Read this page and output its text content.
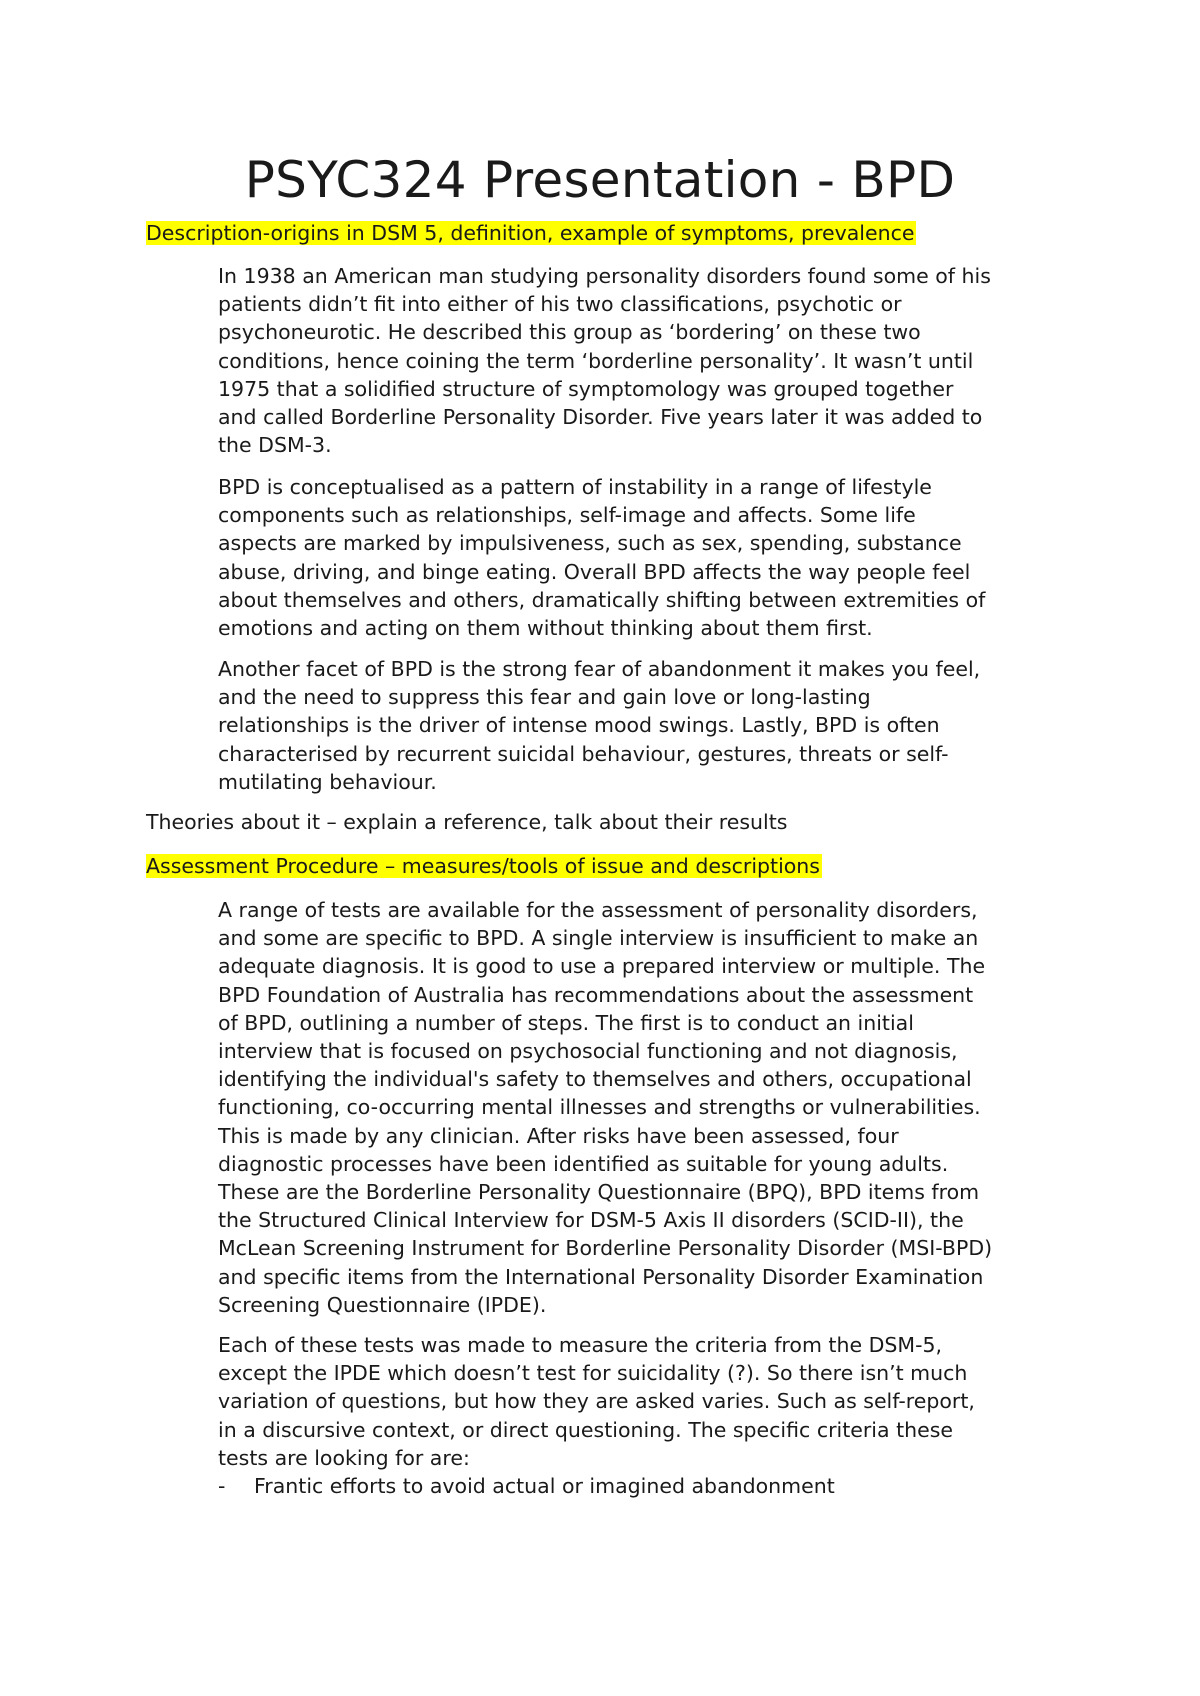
PSYC324 Presentation - BPD

Description-origins in DSM 5, definition, example of symptoms, prevalence

In 1938 an American man studying personality disorders found some of his
patients didn’t fit into either of his two classifications, psychotic or
psychoneurotic. He described this group as ‘bordering’ on these two
conditions, hence coining the term ‘borderline personality’. It wasn’t until
1975 that a solidified structure of symptomology was grouped together
and called Borderline Personality Disorder. Five years later it was added to
the DSM-3.

BPD is conceptualised as a pattern of instability in a range of lifestyle
components such as relationships, self-image and affects. Some life
aspects are marked by impulsiveness, such as sex, spending, substance
abuse, driving, and binge eating. Overall BPD affects the way people feel
about themselves and others, dramatically shifting between extremities of
emotions and acting on them without thinking about them first.

Another facet of BPD is the strong fear of abandonment it makes you feel,
and the need to suppress this fear and gain love or long-lasting
relationships is the driver of intense mood swings. Lastly, BPD is often
characterised by recurrent suicidal behaviour, gestures, threats or self-
mutilating behaviour.

Theories about it – explain a reference, talk about their results

Assessment Procedure – measures/tools of issue and descriptions

A range of tests are available for the assessment of personality disorders,
and some are specific to BPD. A single interview is insufficient to make an
adequate diagnosis. It is good to use a prepared interview or multiple. The
BPD Foundation of Australia has recommendations about the assessment
of BPD, outlining a number of steps. The first is to conduct an initial
interview that is focused on psychosocial functioning and not diagnosis,
identifying the individual's safety to themselves and others, occupational
functioning, co-occurring mental illnesses and strengths or vulnerabilities.
This is made by any clinician. After risks have been assessed, four
diagnostic processes have been identified as suitable for young adults.
These are the Borderline Personality Questionnaire (BPQ), BPD items from
the Structured Clinical Interview for DSM-5 Axis II disorders (SCID-II), the
McLean Screening Instrument for Borderline Personality Disorder (MSI-BPD)
and specific items from the International Personality Disorder Examination
Screening Questionnaire (IPDE).

Each of these tests was made to measure the criteria from the DSM-5,
except the IPDE which doesn’t test for suicidality (?). So there isn’t much
variation of questions, but how they are asked varies. Such as self-report,
in a discursive context, or direct questioning. The specific criteria these
tests are looking for are:

- Frantic efforts to avoid actual or imagined abandonment
